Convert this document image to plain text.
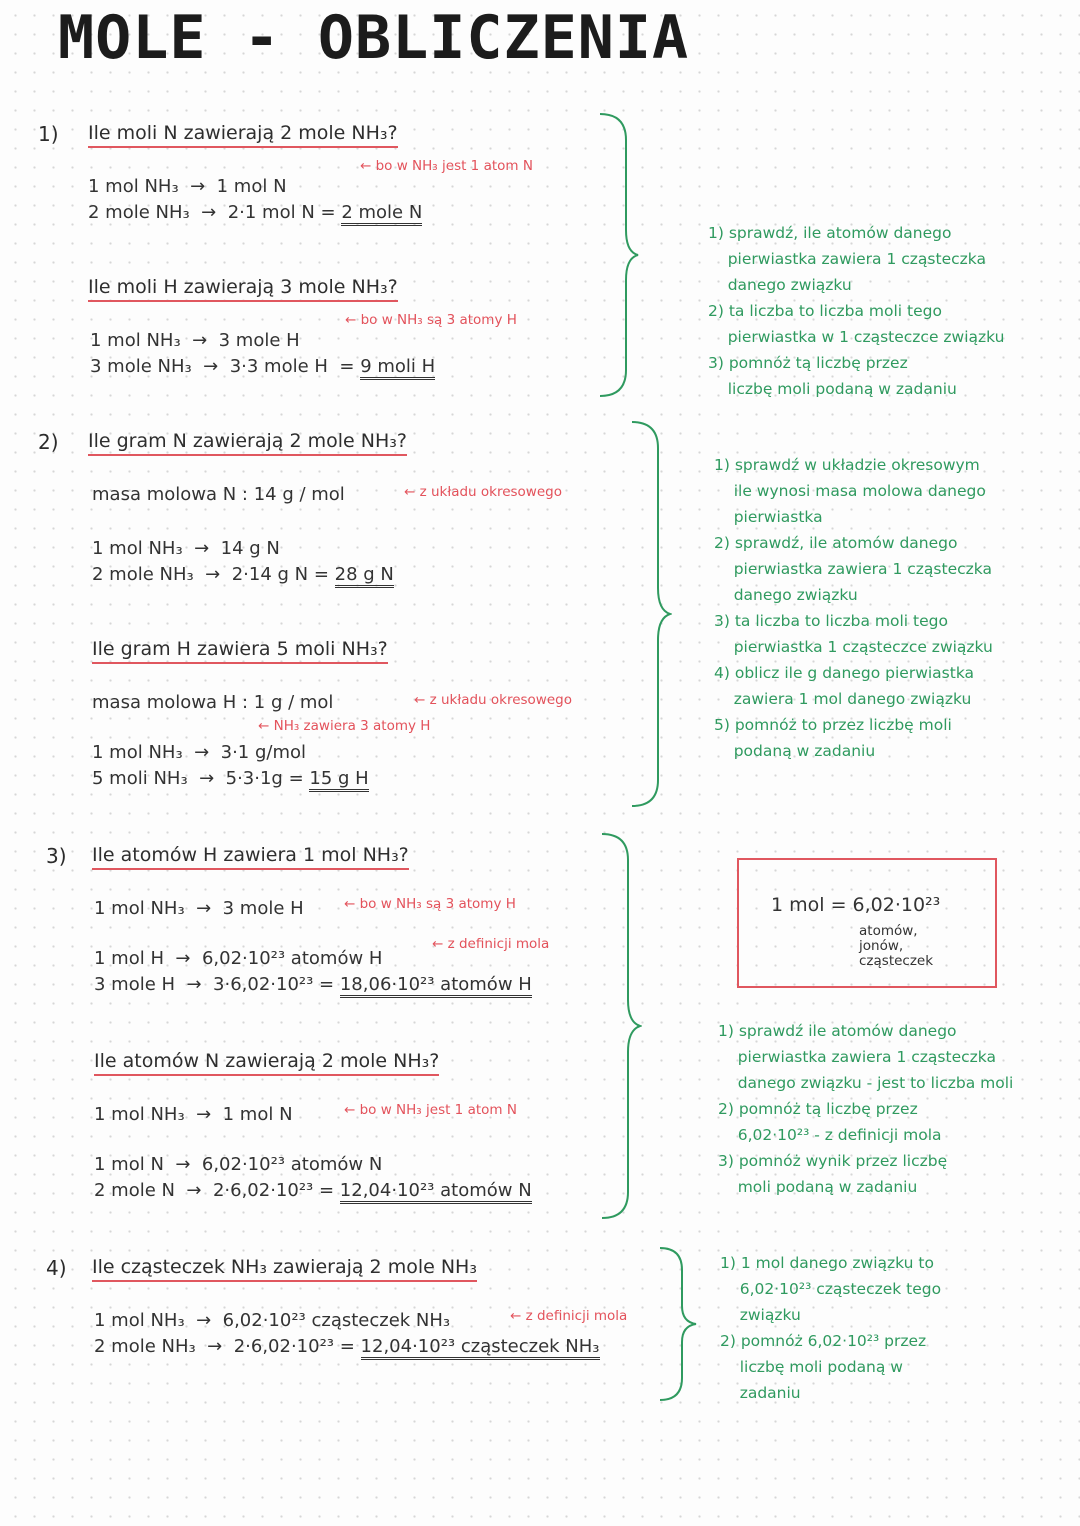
MOLE - OBLICZENIA
1) Ile moli N zawierają 2 mole NH₃?
← bo w NH₃ jest 1 atom N
1 mol NH₃  →  1 mol N
2 mole NH₃  →  2·1 mol N = 2 mole N
Ile moli H zawierają 3 mole NH₃?
← bo w NH₃ są 3 atomy H
1 mol NH₃  →  3 mole H
3 mole NH₃  →  3·3 mole H  = 9 moli H
1) sprawdź, ile atomów danego
pierwiastka zawiera 1 cząsteczka
danego związku
2) ta liczba to liczba moli tego
pierwiastka w 1 cząsteczce związku
3) pomnóż tą liczbę przez
liczbę moli podaną w zadaniu
2) Ile gram N zawierają 2 mole NH₃?
masa molowa N : 14 g / mol	← z układu okresowego
1 mol NH₃  →  14 g N
2 mole NH₃  →  2·14 g N = 28 g N
Ile gram H zawiera 5 moli NH₃?
masa molowa H : 1 g / mol	← z układu okresowego
← NH₃ zawiera 3 atomy H
1 mol NH₃  →  3·1 g/mol
5 moli NH₃  →  5·3·1g = 15 g H
1) sprawdź w układzie okresowym
ile wynosi masa molowa danego
pierwiastka
2) sprawdź, ile atomów danego
pierwiastka zawiera 1 cząsteczka
danego związku
3) ta liczba to liczba moli tego
pierwiastka 1 cząsteczce związku
4) oblicz ile g danego pierwiastka
zawiera 1 mol danego związku
5) pomnóż to przez liczbę moli
podaną w zadaniu
3) Ile atomów H zawiera 1 mol NH₃?
1 mol NH₃  →  3 mole H	← bo w NH₃ są 3 atomy H
1 mol H  →  6,02·10²³ atomów H
← z definicji mola
3 mole H  →  3·6,02·10²³ = 18,06·10²³ atomów H
Ile atomów N zawierają 2 mole NH₃?
1 mol NH₃  →  1 mol N	← bo w NH₃ jest 1 atom N
1 mol N  →  6,02·10²³ atomów N
2 mole N  →  2·6,02·10²³ = 12,04·10²³ atomów N
1 mol = 6,02·10²³
atomów,
jonów,
cząsteczek
1) sprawdź ile atomów danego
pierwiastka zawiera 1 cząsteczka
danego związku - jest to liczba moli
2) pomnóż tą liczbę przez
6,02·10²³ - z definicji mola
3) pomnóż wynik przez liczbę
moli podaną w zadaniu
4) Ile cząsteczek NH₃ zawierają 2 mole NH₃
1 mol NH₃  →  6,02·10²³ cząsteczek NH₃	← z definicji mola
2 mole NH₃  →  2·6,02·10²³ = 12,04·10²³ cząsteczek NH₃
1) 1 mol danego związku to
6,02·10²³ cząsteczek tego
związku
2) pomnóż 6,02·10²³ przez
liczbę moli podaną w
zadaniu
